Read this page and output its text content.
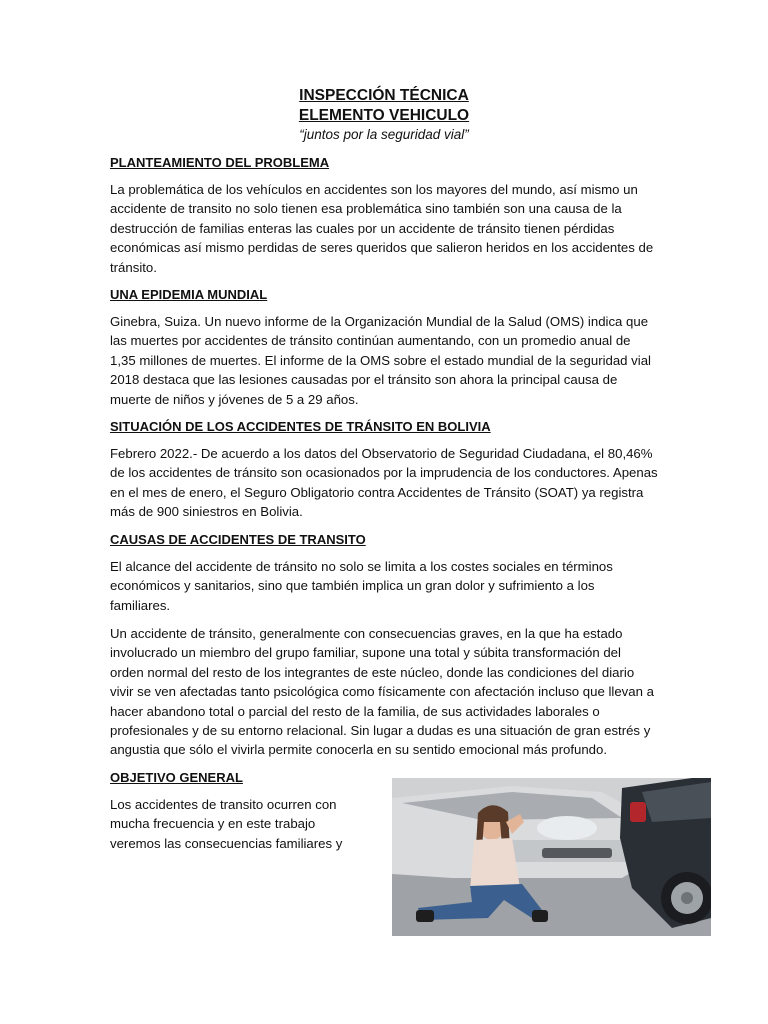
INSPECCIÓN TÉCNICA

ELEMENTO VEHICULO

“juntos por la seguridad vial”

PLANTEAMIENTO DEL PROBLEMA

La problemática de los vehículos en accidentes son los mayores del mundo, así mismo un accidente de transito no solo tienen esa problemática sino también son una causa de la destrucción de familias enteras las cuales por un accidente de tránsito tienen pérdidas económicas así mismo perdidas de seres queridos que salieron heridos en los accidentes de tránsito.

UNA EPIDEMIA MUNDIAL

Ginebra, Suiza. Un nuevo informe de la Organización Mundial de la Salud (OMS) indica que las muertes por accidentes de tránsito continúan aumentando, con un promedio anual de 1,35 millones de muertes. El informe de la OMS sobre el estado mundial de la seguridad vial 2018 destaca que las lesiones causadas por el tránsito son ahora la principal causa de muerte de niños y jóvenes de 5 a 29 años.

SITUACIÓN DE LOS ACCIDENTES DE TRÁNSITO EN BOLIVIA

Febrero 2022.- De acuerdo a los datos del Observatorio de Seguridad Ciudadana, el 80,46% de los accidentes de tránsito son ocasionados por la imprudencia de los conductores. Apenas en el mes de enero, el Seguro Obligatorio contra Accidentes de Tránsito (SOAT) ya registra más de 900 siniestros en Bolivia.

CAUSAS DE ACCIDENTES DE TRANSITO

El alcance del accidente de tránsito no solo se limita a los costes sociales en términos económicos y sanitarios, sino que también implica un gran dolor y sufrimiento a los familiares.

Un accidente de tránsito, generalmente con consecuencias graves, en la que ha estado involucrado un miembro del grupo familiar, supone una total y súbita transformación del orden normal del resto de los integrantes de este núcleo, donde las condiciones del diario vivir se ven afectadas tanto psicológica como físicamente con afectación incluso que llevan a hacer abandono total o parcial del resto de la familia, de sus actividades laborales o profesionales y de su entorno relacional. Sin lugar a dudas es una situación de gran estrés y angustia que sólo el vivirla permite conocerla en su sentido emocional más profundo.

OBJETIVO GENERAL

Los accidentes de transito ocurren con mucha frecuencia y en este trabajo veremos las consecuencias familiares y
